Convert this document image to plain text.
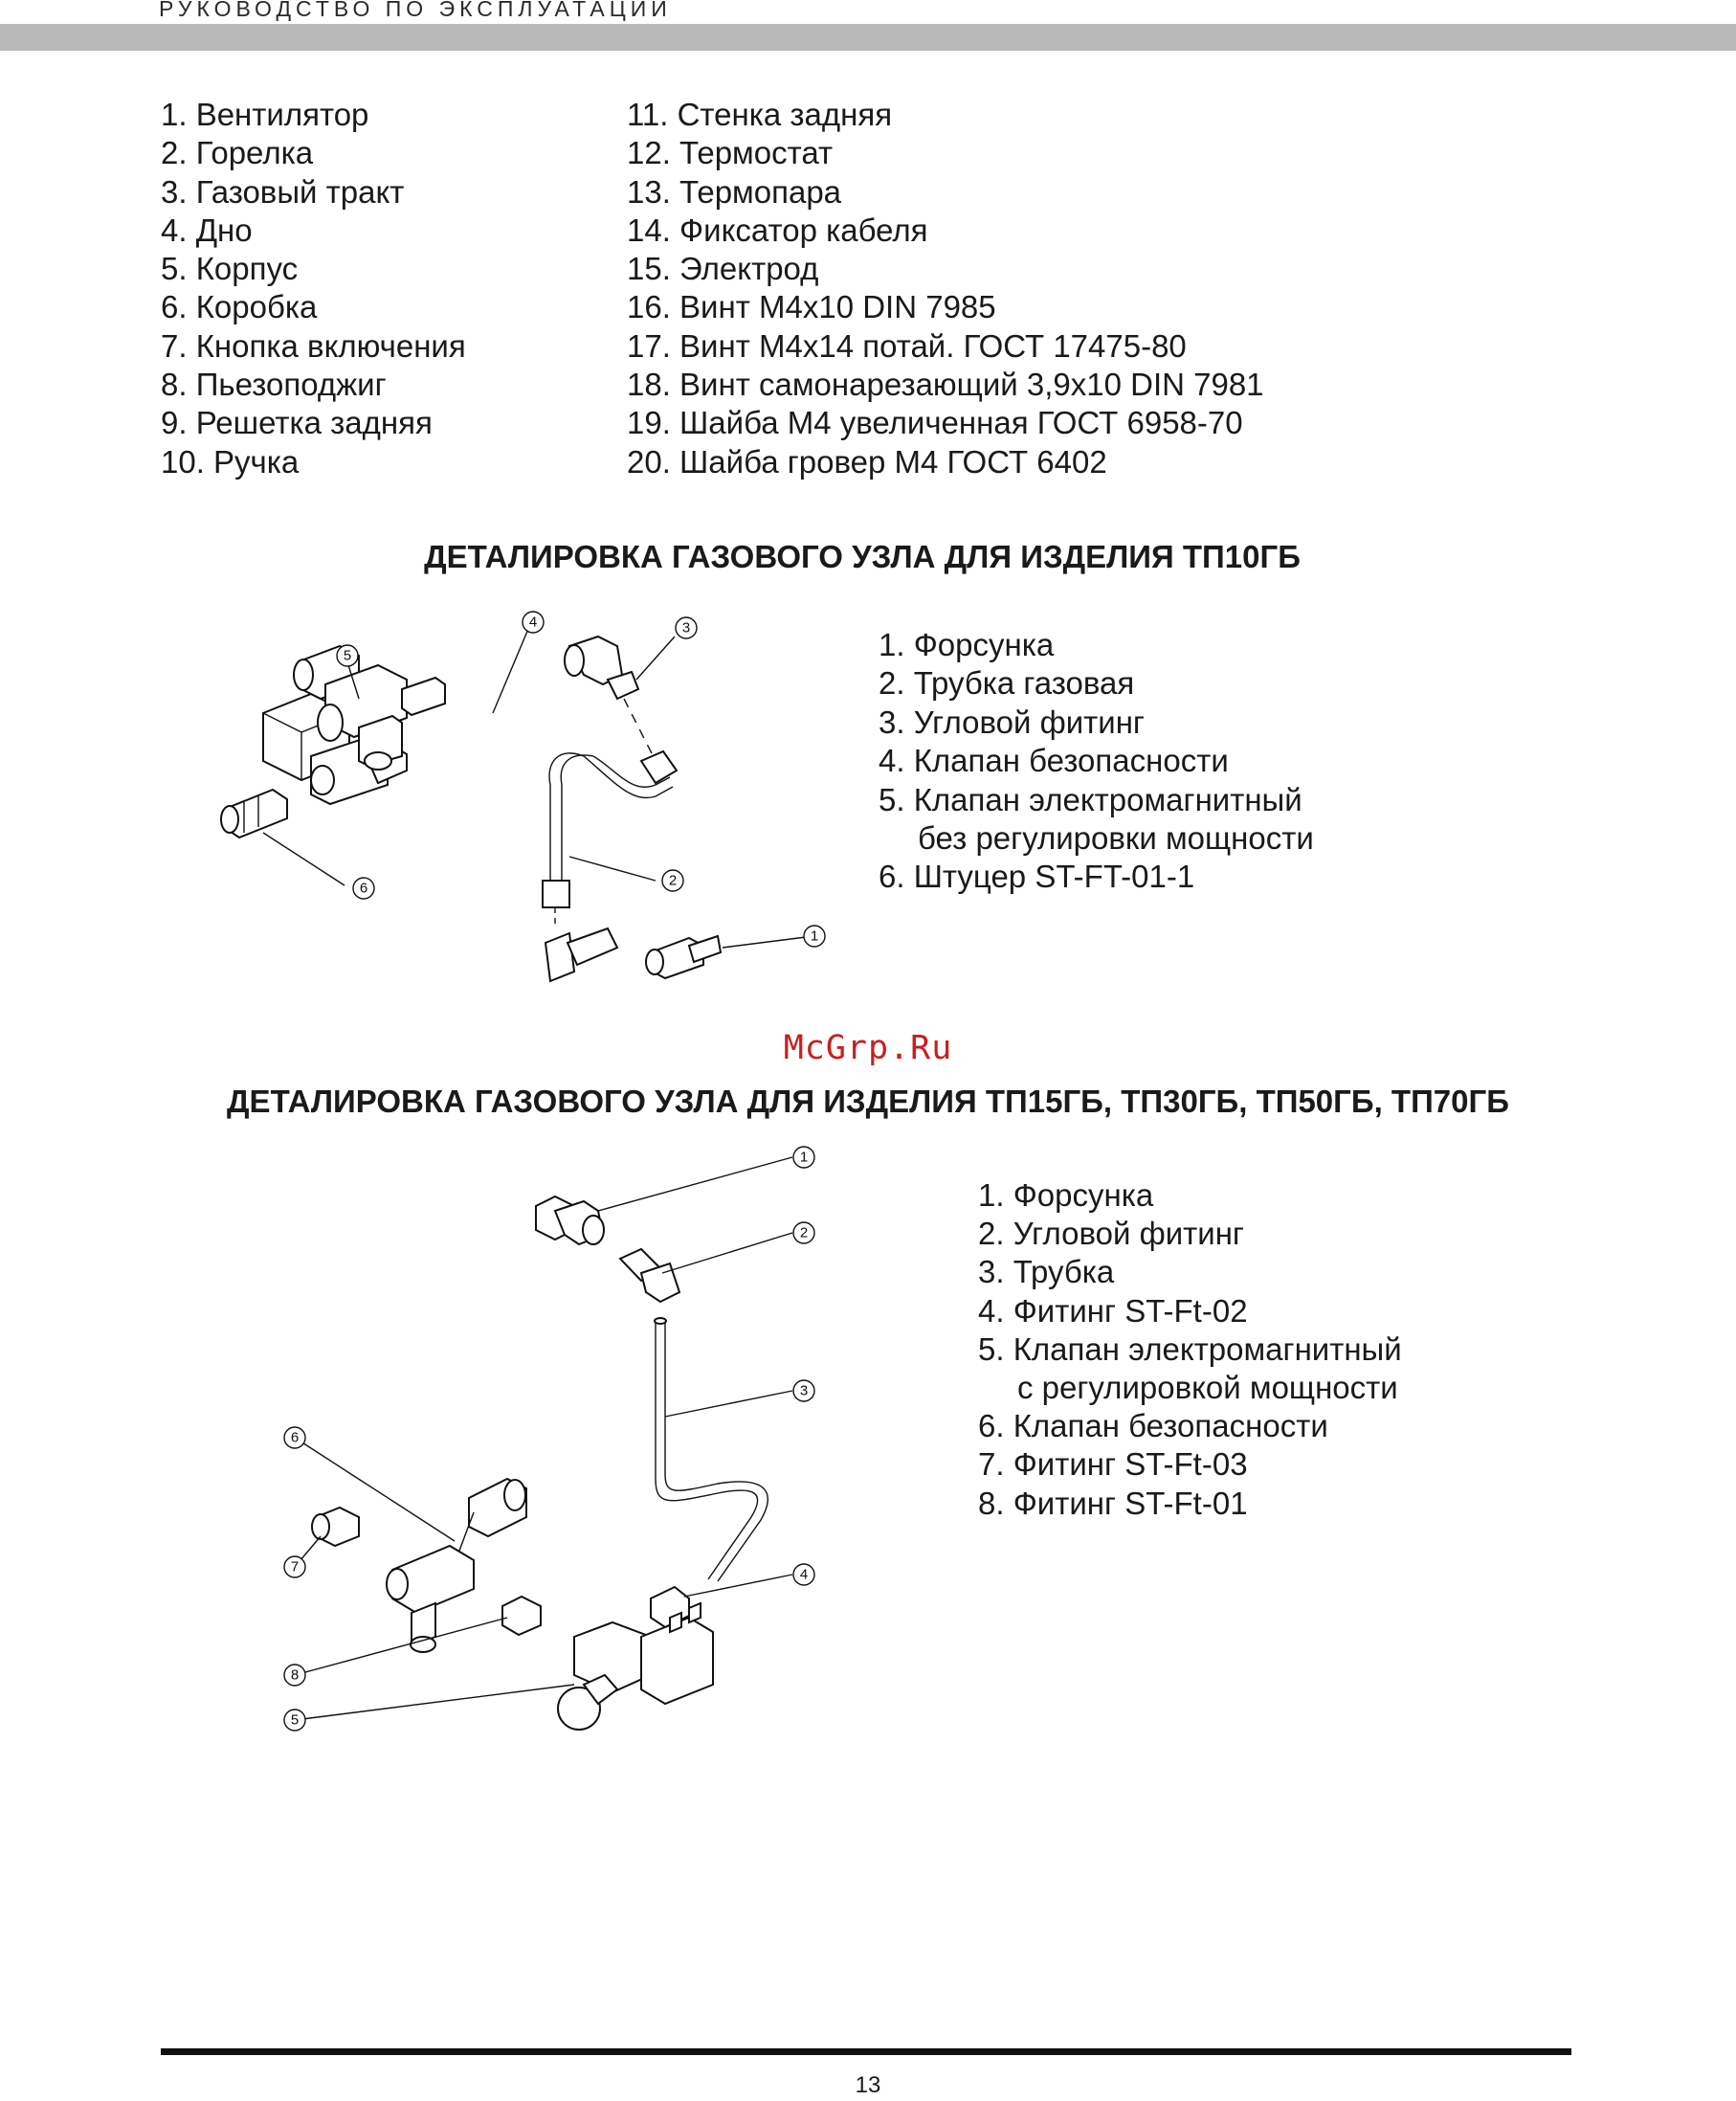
РУКОВОДСТВО ПО ЭКСПЛУАТАЦИИ
1. Вентилятор
2. Горелка
3. Газовый тракт
4. Дно
5. Корпус
6. Коробка
7. Кнопка включения
8. Пьезоподжиг
9. Решетка задняя
10. Ручка
11. Стенка задняя
12. Термостат
13. Термопара
14. Фиксатор кабеля
15. Электрод
16. Винт М4х10 DIN 7985
17. Винт М4х14 потай. ГОСТ 17475-80
18. Винт самонарезающий 3,9х10 DIN 7981
19. Шайба М4 увеличенная ГОСТ 6958-70
20. Шайба гровер М4 ГОСТ 6402
ДЕТАЛИРОВКА ГАЗОВОГО УЗЛА ДЛЯ ИЗДЕЛИЯ ТП10ГБ
5
4	3
6	2
1
1. Форсунка
2. Трубка газовая
3. Угловой фитинг
4. Клапан безопасности
5. Клапан электромагнитный
без регулировки мощности
6. Штуцер ST-FT-01-1
McGrp.Ru
ДЕТАЛИРОВКА ГАЗОВОГО УЗЛА ДЛЯ ИЗДЕЛИЯ ТП15ГБ, ТП30ГБ, ТП50ГБ, ТП70ГБ
1
2
3
4
6
7
8
5
1. Форсунка
2. Угловой фитинг
3. Трубка
4. Фитинг ST-Ft-02
5. Клапан электромагнитный
с регулировкой мощности
6. Клапан безопасности
7. Фитинг ST-Ft-03
8. Фитинг ST-Ft-01
13
